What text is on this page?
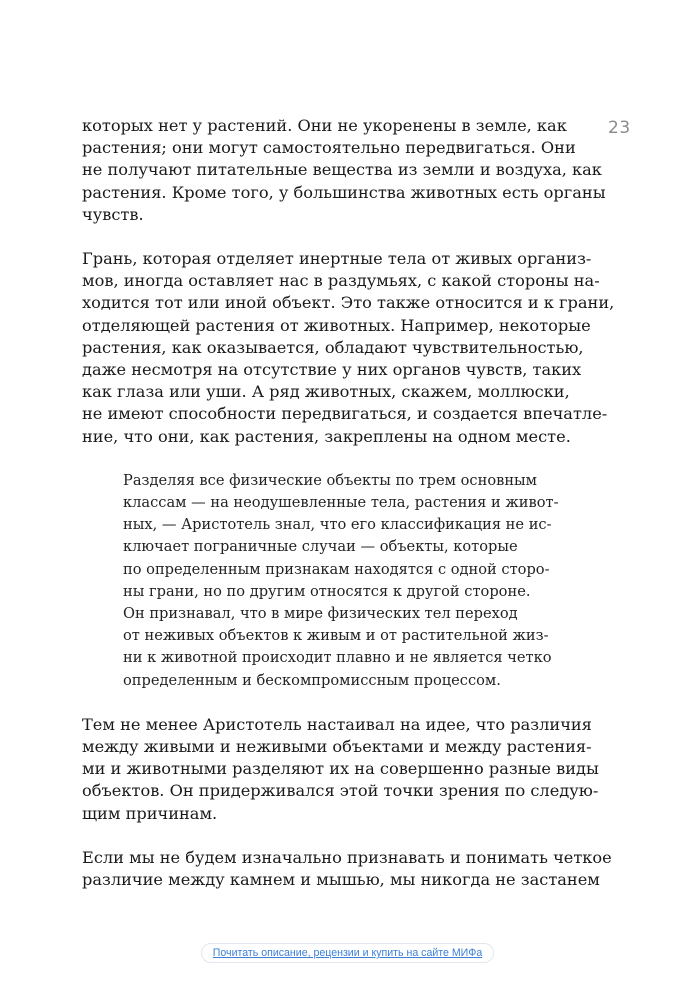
23

которых нет у растений. Они не укоренены в земле, как
растения; они могут самостоятельно передвигаться. Они
не получают питательные вещества из земли и воздуха, как
растения. Кроме того, у большинства животных есть органы
чувств.

Грань, которая отделяет инертные тела от живых организ-
мов, иногда оставляет нас в раздумьях, с какой стороны на-
ходится тот или иной объект. Это также относится и к грани,
отделяющей растения от животных. Например, некоторые
растения, как оказывается, обладают чувствительностью,
даже несмотря на отсутствие у них органов чувств, таких
как глаза или уши. А ряд животных, скажем, моллюски,
не имеют способности передвигаться, и создается впечатле-
ние, что они, как растения, закреплены на одном месте.

Разделяя все физические объекты по трем основным
классам — на неодушевленные тела, растения и живот-
ных, — Аристотель знал, что его классификация не ис-
ключает пограничные случаи — объекты, которые
по определенным признакам находятся с одной сторо-
ны грани, но по другим относятся к другой стороне.
Он признавал, что в мире физических тел переход
от неживых объектов к живым и от растительной жиз-
ни к животной происходит плавно и не является четко
определенным и бескомпромиссным процессом.

Тем не менее Аристотель настаивал на идее, что различия
между живыми и неживыми объектами и между растения-
ми и животными разделяют их на совершенно разные виды
объектов. Он придерживался этой точки зрения по следую-
щим причинам.

Если мы не будем изначально признавать и понимать четкое
различие между камнем и мышью, мы никогда не застанем

Почитать описание, рецензии и купить на сайте МИФа
